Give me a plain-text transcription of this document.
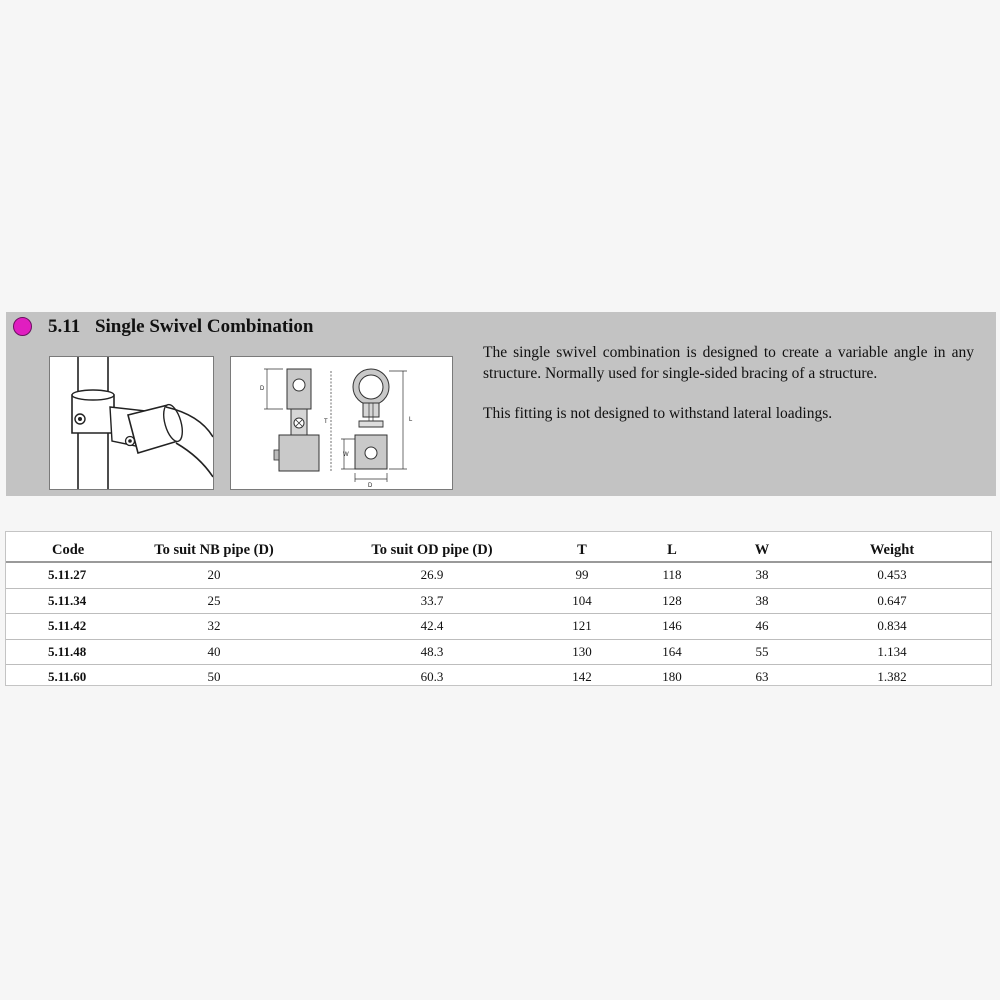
5.11 Single Swivel Combination
D
T
W
L
D

The single swivel combination is designed to create a variable angle in any structure. Normally used for single-sided bracing of a structure.

This fitting is not designed to withstand lateral loadings.

Code	To suit NB pipe (D)	To suit OD pipe (D)	T	L	W	Weight
5.11.27	20	26.9	99	118	38	0.453
5.11.34	25	33.7	104	128	38	0.647
5.11.42	32	42.4	121	146	46	0.834
5.11.48	40	48.3	130	164	55	1.134
5.11.60	50	60.3	142	180	63	1.382
